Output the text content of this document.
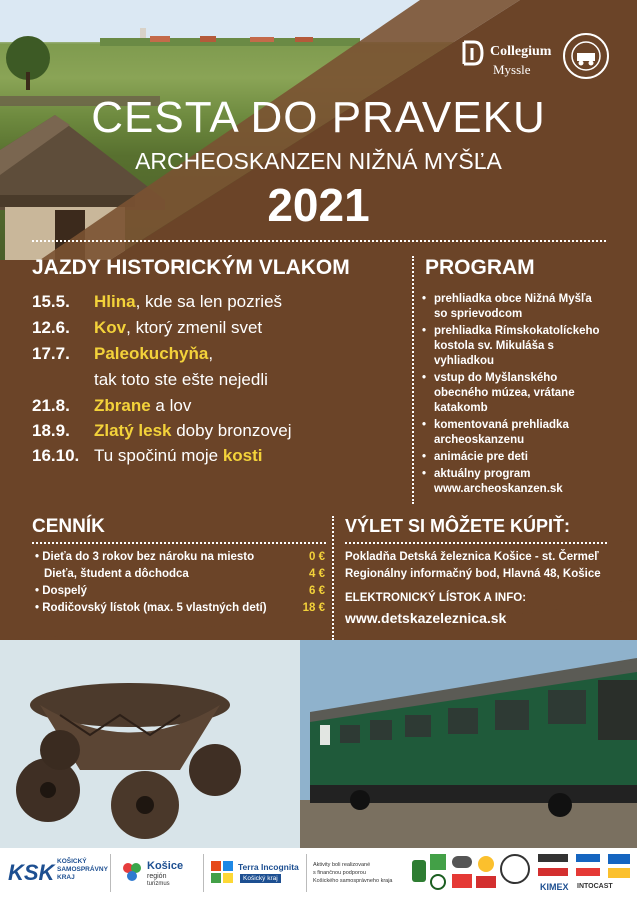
Collegium
Myssle
CESTA DO PRAVEKU
ARCHEOSKANZEN NIŽNÁ MYŠĽA
2021
JAZDY HISTORICKÝM VLAKOM
15.5. Hlina, kde sa len pozrieš
12.6. Kov, ktorý zmenil svet
17.7. Paleokuchyňa,
tak toto ste ešte nejedli
21.8. Zbrane a lov
18.9. Zlatý lesk doby bronzovej
16.10. Tu spočinú moje kosti
PROGRAM
• prehliadka obce Nižná Myšľa so sprievodcom
• prehliadka Rímskokatolíckeho kostola sv. Mikuláša s vyhliadkou
• vstup do Myšlanského obecného múzea, vrátane katakomb
• komentovaná prehliadka archeoskanzenu
• animácie pre deti
• aktuálny program www.archeoskanzen.sk
CENNÍK
• Dieťa do 3 rokov bez nároku na miesto	0 €
Dieťa, študent a dôchodca	4 €
• Dospelý	6 €
• Rodičovský lístok (max. 5 vlastných detí)	18 €
VÝLET SI MÔŽETE KÚPIŤ:
Pokladňa Detská železnica Košice - st. Čermeľ
Regionálny informačný bod, Hlavná 48, Košice
ELEKTRONICKÝ LÍSTOK A INFO:
www.detskazeleznica.sk
KSK KOŠICKÝ
SAMOSPRÁVNY
KRAJ
Košice
región
turizmus
Terra Incognita
Košický kraj
Aktivity boli realizované
s finančnou podporou
Košického samosprávneho kraja
KIMEX INTOCAST
